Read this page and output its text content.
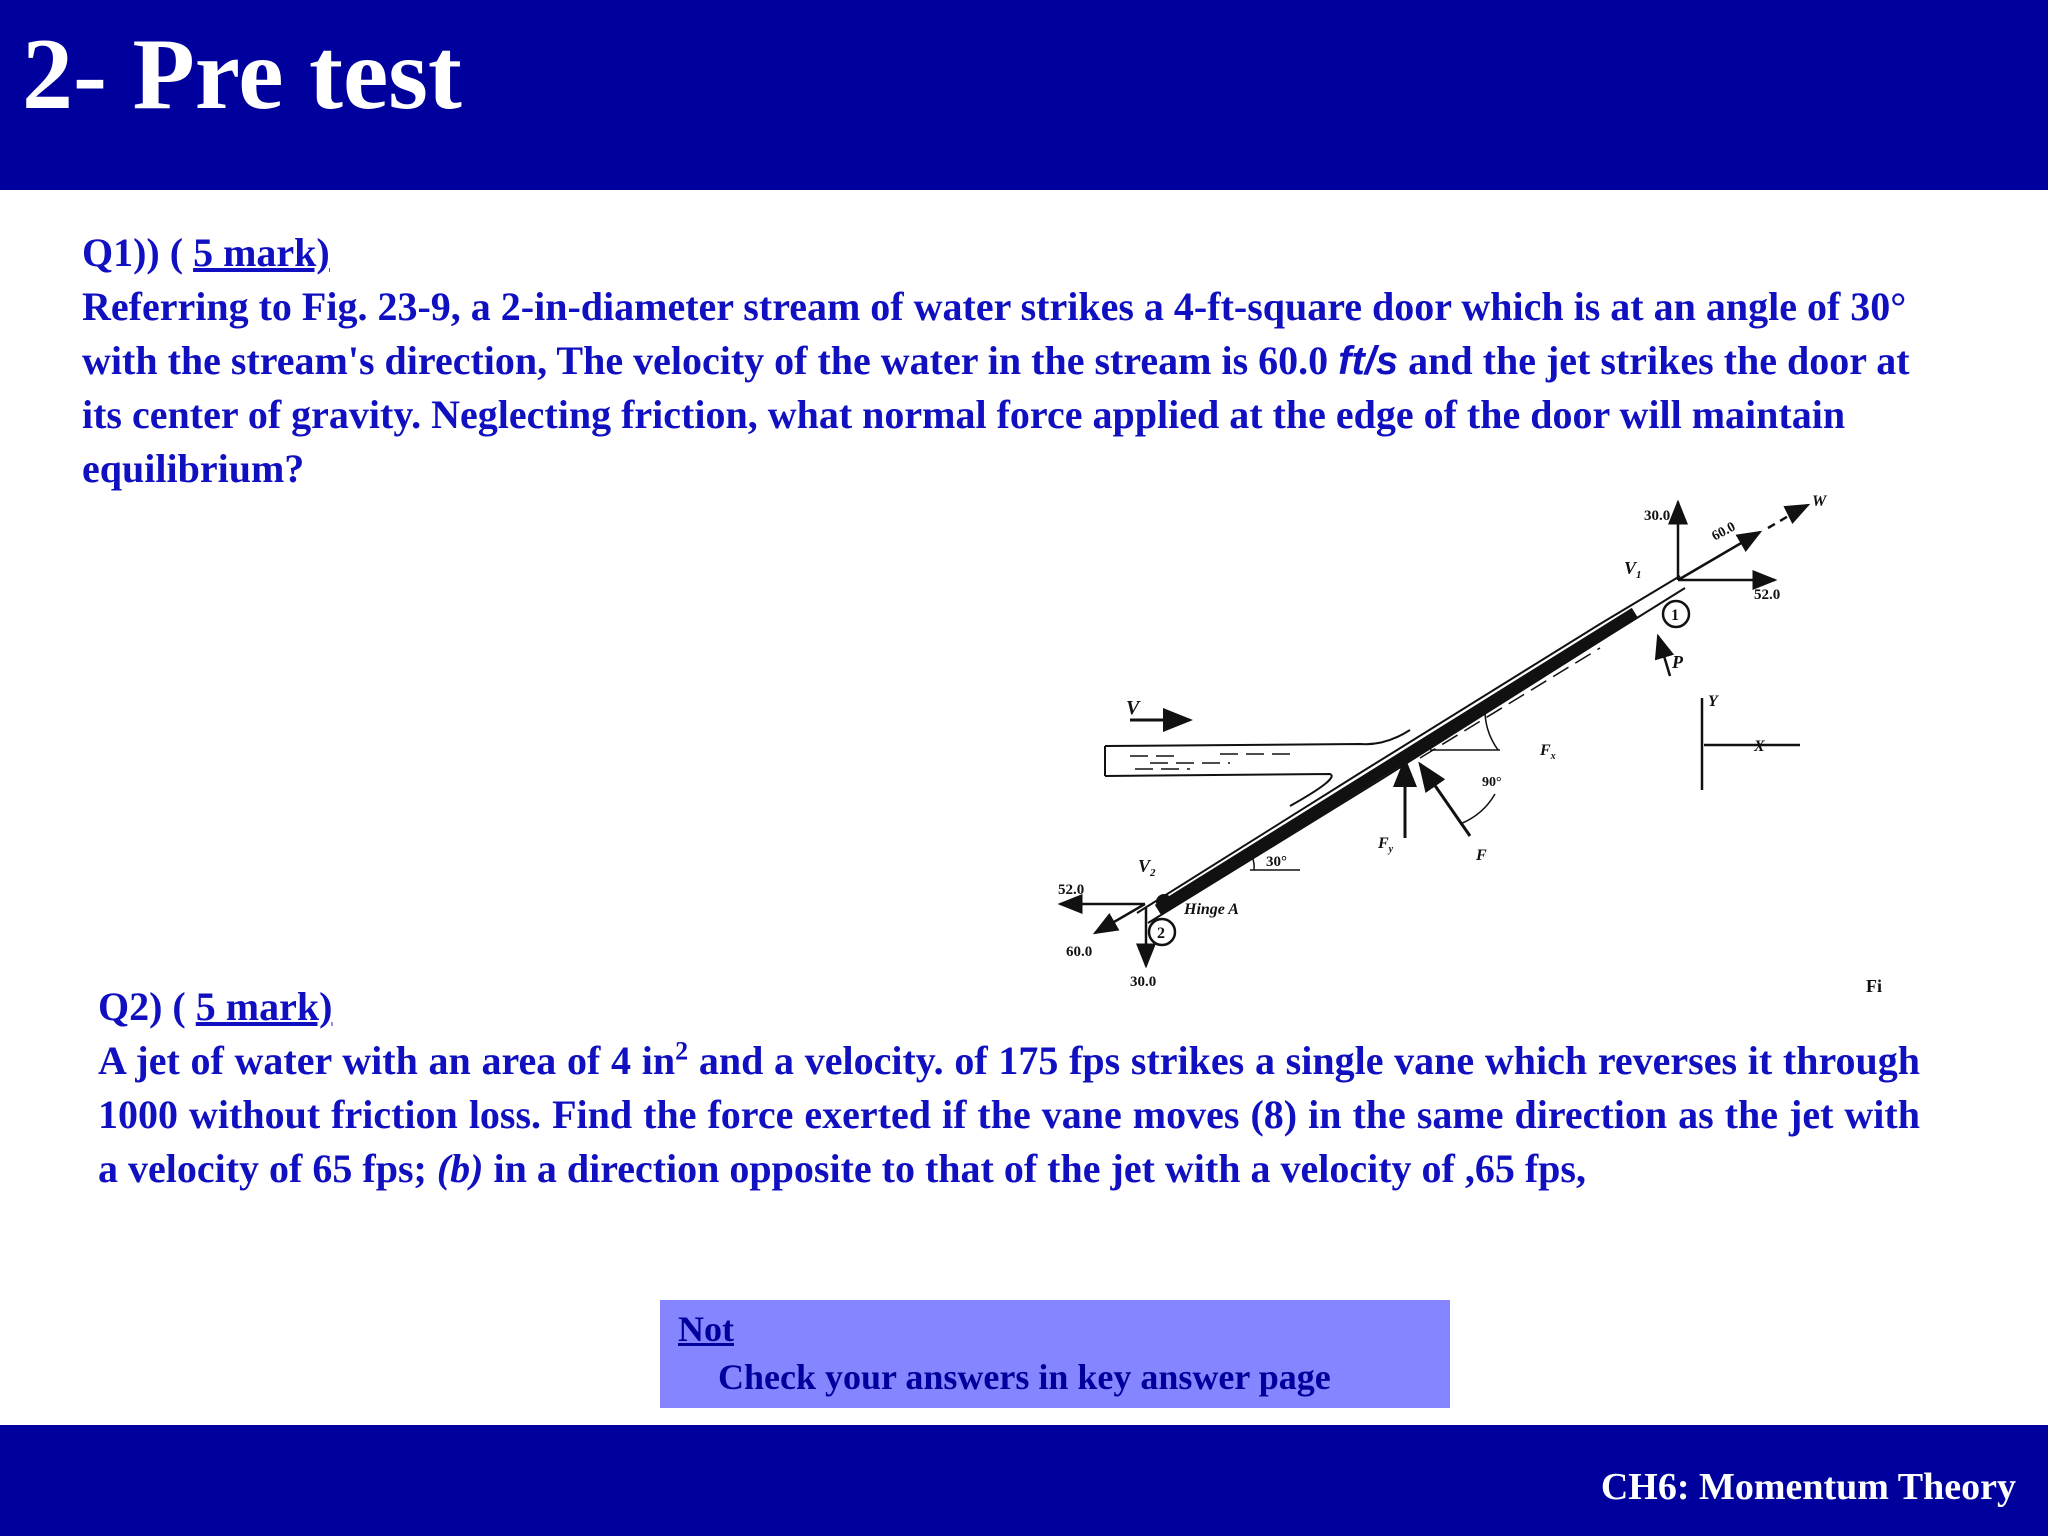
2- Pre test
Q1)) ( 5 mark)
Referring to Fig. 23-9, a 2-in-diameter stream of water strikes a 4-ft-square door which is at an angle of 30° with the stream's direction, The velocity of the water in the stream is 60.0 ft/s and the jet strikes the door at its center of gravity. Neglecting friction, what normal force applied at the edge of the door will maintain equilibrium?
V
30.0
60.0
W
52.0
$V_1$
1
P
Y
X
$F_x$
$F_y$	F
90°
30°
$V_2$
52.0
60.0
30.0
Hinge A
2
Fi
Q2) ( 5 mark)
A jet of water with an area of 4 $in^2$ and a velocity. of 175 fps strikes a single vane which reverses it through 1000 without friction loss. Find the force exerted if the vane moves (8) in the same direction as the jet with a velocity of 65 fps; (b) in a direction opposite to that of the jet with a velocity of ,65 fps,
Not
Check your answers in key answer page
CH6: Momentum Theory
